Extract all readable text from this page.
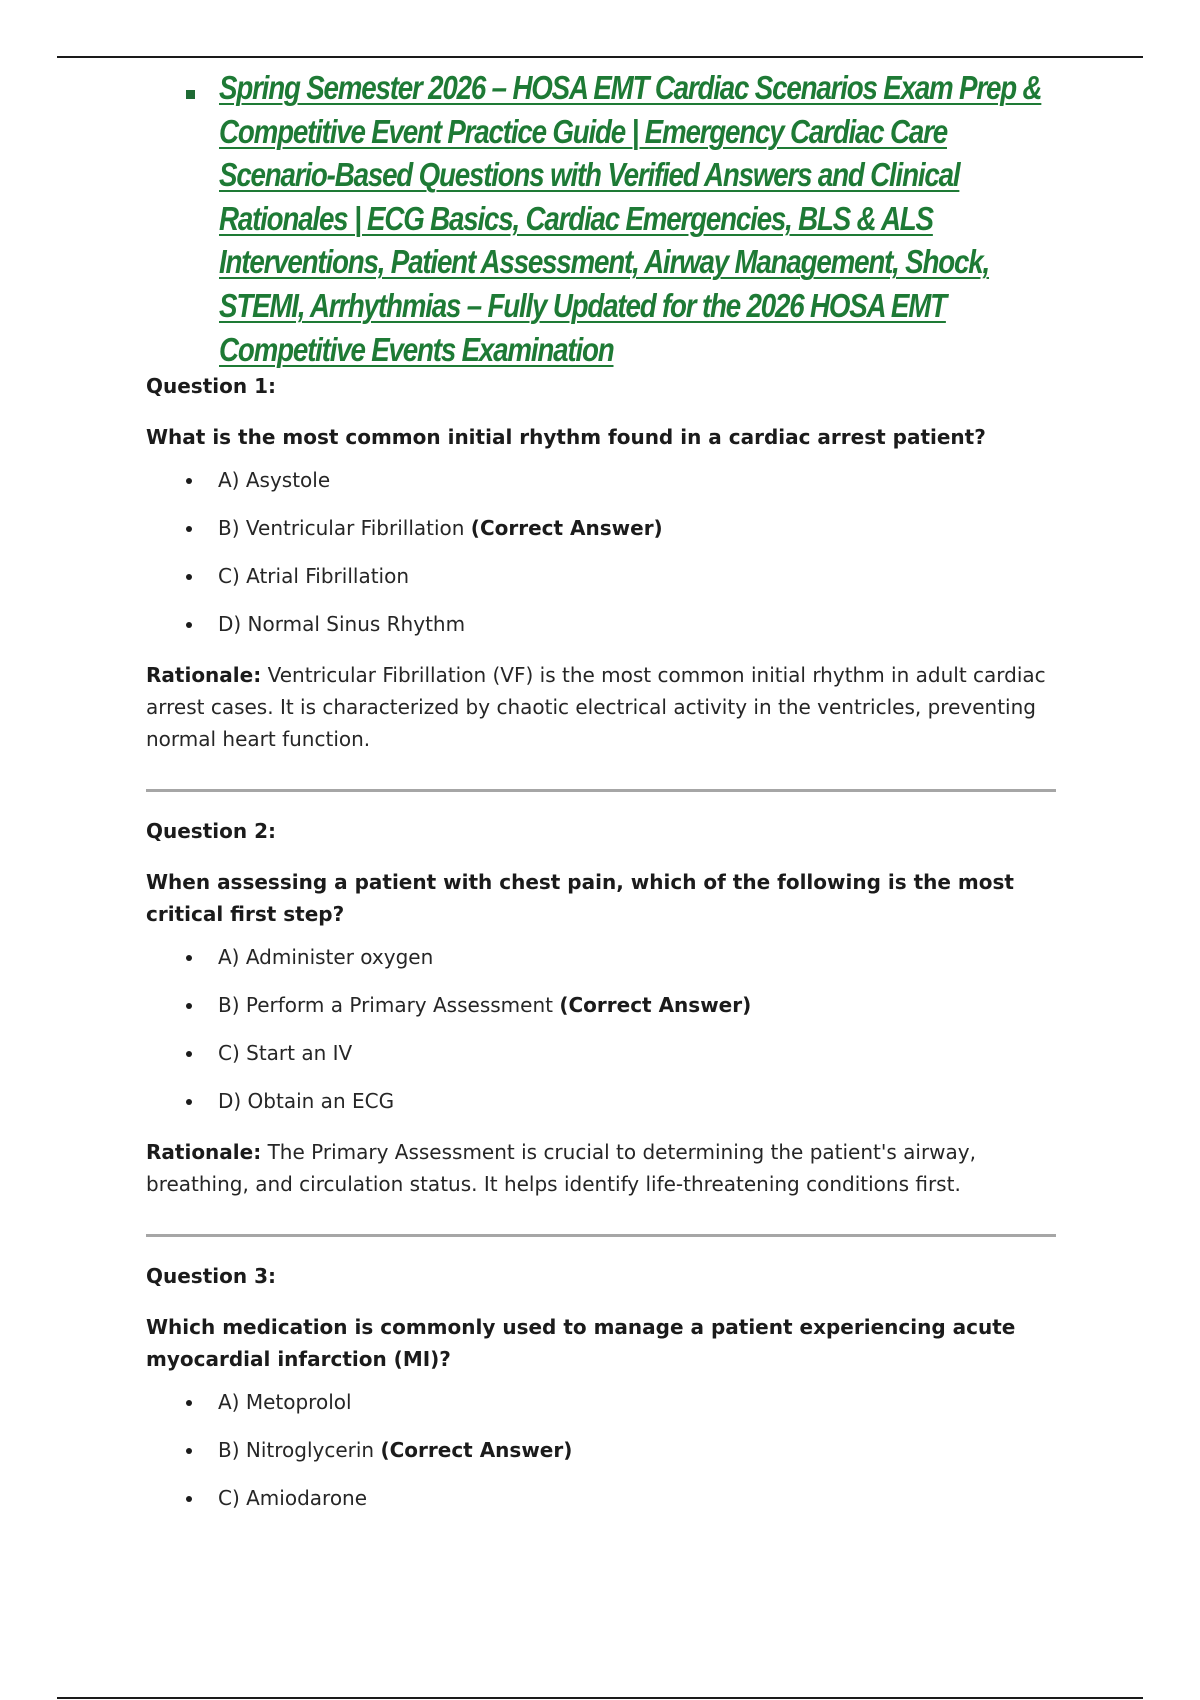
Spring Semester 2026 – HOSA EMT Cardiac Scenarios Exam Prep &
Competitive Event Practice Guide | Emergency Cardiac Care
Scenario-Based Questions with Verified Answers and Clinical
Rationales | ECG Basics, Cardiac Emergencies, BLS & ALS
Interventions, Patient Assessment, Airway Management, Shock,
STEMI, Arrhythmias – Fully Updated for the 2026 HOSA EMT
Competitive Events Examination

Question 1:

What is the most common initial rhythm found in a cardiac arrest patient?

A) Asystole
B) Ventricular Fibrillation (Correct Answer)
C) Atrial Fibrillation
D) Normal Sinus Rhythm

Rationale: Ventricular Fibrillation (VF) is the most common initial rhythm in adult cardiac arrest cases. It is characterized by chaotic electrical activity in the ventricles, preventing normal heart function.

Question 2:

When assessing a patient with chest pain, which of the following is the most critical first step?

A) Administer oxygen
B) Perform a Primary Assessment (Correct Answer)
C) Start an IV
D) Obtain an ECG

Rationale: The Primary Assessment is crucial to determining the patient's airway, breathing, and circulation status. It helps identify life-threatening conditions first.

Question 3:

Which medication is commonly used to manage a patient experiencing acute myocardial infarction (MI)?

A) Metoprolol
B) Nitroglycerin (Correct Answer)
C) Amiodarone
